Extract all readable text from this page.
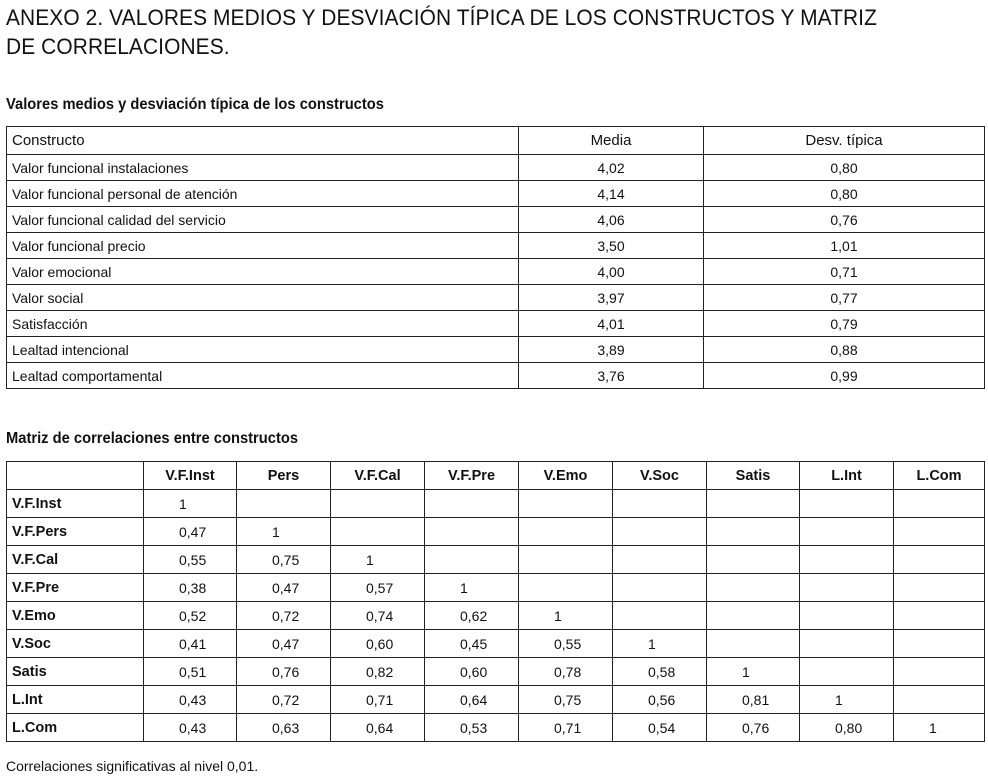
ANEXO 2. VALORES MEDIOS Y DESVIACIÓN TÍPICA DE LOS CONSTRUCTOS Y MATRIZ DE CORRELACIONES.
Valores medios y desviación típica de los constructos
Constructo	Media	Desv. típica
Valor funcional instalaciones	4,02	0,80
Valor funcional personal de atención	4,14	0,80
Valor funcional calidad del servicio	4,06	0,76
Valor funcional precio	3,50	1,01
Valor emocional	4,00	0,71
Valor social	3,97	0,77
Satisfacción	4,01	0,79
Lealtad intencional	3,89	0,88
Lealtad comportamental	3,76	0,99
Matriz de correlaciones entre constructos
	V.F.Inst	Pers	V.F.Cal	V.F.Pre	V.Emo	V.Soc	Satis	L.Int	L.Com
V.F.Inst	1								
V.F.Pers	0,47	1							
V.F.Cal	0,55	0,75	1						
V.F.Pre	0,38	0,47	0,57	1					
V.Emo	0,52	0,72	0,74	0,62	1				
V.Soc	0,41	0,47	0,60	0,45	0,55	1			
Satis	0,51	0,76	0,82	0,60	0,78	0,58	1		
L.Int	0,43	0,72	0,71	0,64	0,75	0,56	0,81	1	
L.Com	0,43	0,63	0,64	0,53	0,71	0,54	0,76	0,80	1
Correlaciones significativas al nivel 0,01.
